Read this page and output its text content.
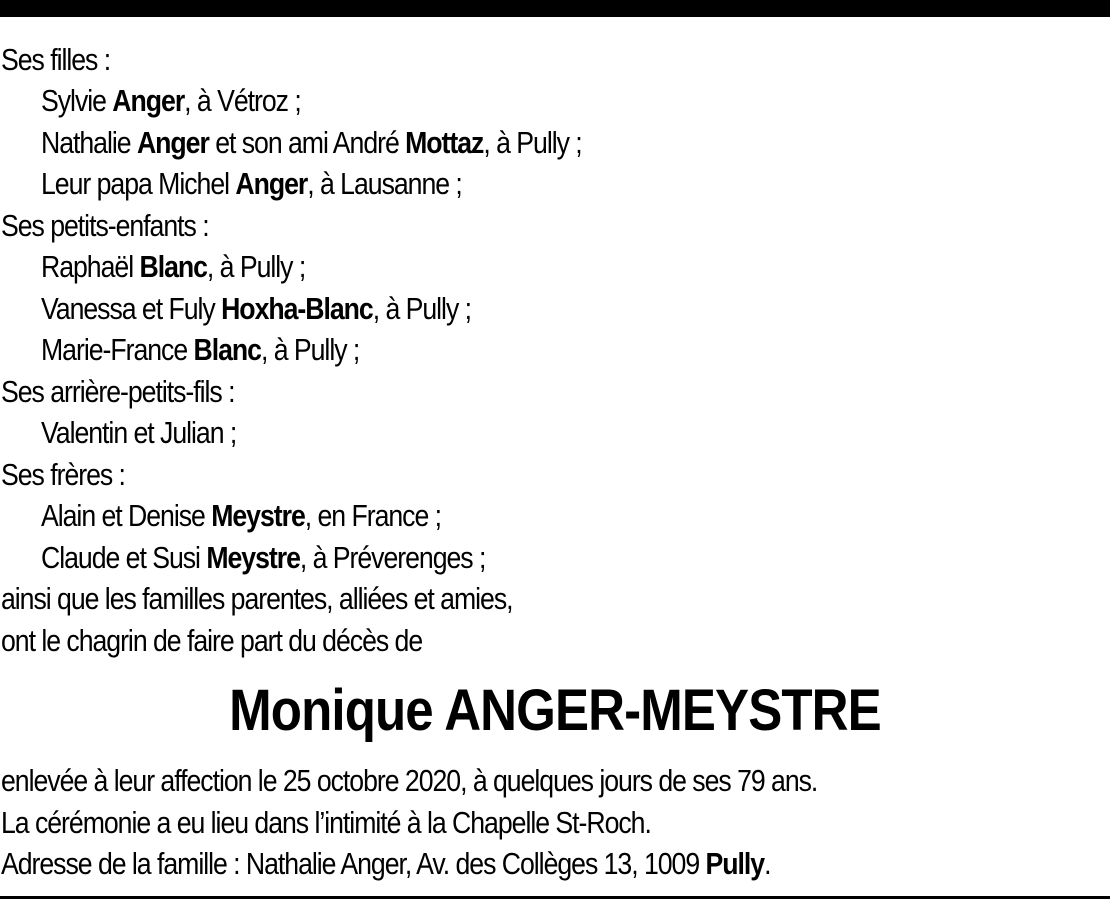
Ses filles :
Sylvie Anger, à Vétroz ;
Nathalie Anger et son ami André Mottaz, à Pully ;
Leur papa Michel Anger, à Lausanne ;
Ses petits-enfants :
Raphaël Blanc, à Pully ;
Vanessa et Fuly Hoxha-Blanc, à Pully ;
Marie-France Blanc, à Pully ;
Ses arrière-petits-fils :
Valentin et Julian ;
Ses frères :
Alain et Denise Meystre, en France ;
Claude et Susi Meystre, à Préverenges ;
ainsi que les familles parentes, alliées et amies,
ont le chagrin de faire part du décès de
Monique ANGER-MEYSTRE
enlevée à leur affection le 25 octobre 2020, à quelques jours de ses 79 ans.
La cérémonie a eu lieu dans l’intimité à la Chapelle St-Roch.
Adresse de la famille : Nathalie Anger, Av. des Collèges 13, 1009 Pully.
